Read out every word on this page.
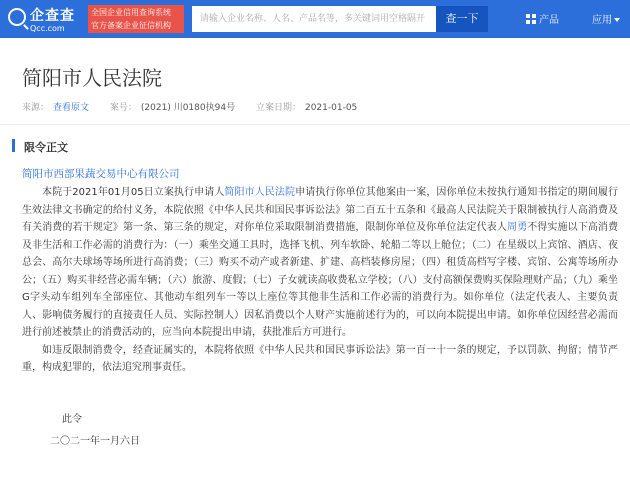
企查查
Qcc.com
全国企业信用查询系统
官方备案企业征信机构
请输入企业名称、人名、产品名等，多关键词用空格隔开
查一下	产品	应用
简阳市人民法院
来源： 查看原文 案号： (2021) 川0180执94号 立案日期： 2021-01-05
限令正文
简阳市西部果蔬交易中心有限公司

本院于2021年01月05日立案执行申请人简阳市人民法院申请执行你单位其他案由一案，因你单位未按执行通知书指定的期间履行生效法律文书确定的给付义务，本院依照《中华人民共和国民事诉讼法》第二百五十五条和《最高人民法院关于限制被执行人高消费及有关消费的若干规定》第一条、第三条的规定，对你单位采取限制消费措施，限制你单位及你单位法定代表人周勇不得实施以下高消费及非生活和工作必需的消费行为：（一）乘坐交通工具时，选择飞机、列车软卧、轮船二等以上舱位；（二）在星级以上宾馆、酒店、夜总会、高尔夫球场等场所进行高消费；（三）购买不动产或者新建、扩建、高档装修房屋；（四）租赁高档写字楼、宾馆、公寓等场所办公；（五）购买非经营必需车辆；（六）旅游、度假；（七）子女就读高收费私立学校；（八）支付高额保费购买保险理财产品；（九）乘坐G字头动车组列车全部座位、其他动车组列车一等以上座位等其他非生活和工作必需的消费行为。如你单位（法定代表人、主要负责人、影响债务履行的直接责任人员、实际控制人）因私消费以个人财产实施前述行为的，可以向本院提出申请。如你单位因经营必需而进行前述被禁止的消费活动的，应当向本院提出申请，获批准后方可进行。

如违反限制消费令，经查证属实的，本院将依照《中华人民共和国民事诉讼法》第一百一十一条的规定，予以罚款、拘留；情节严重，构成犯罪的，依法追究刑事责任。

此令
二〇二一年一月六日
